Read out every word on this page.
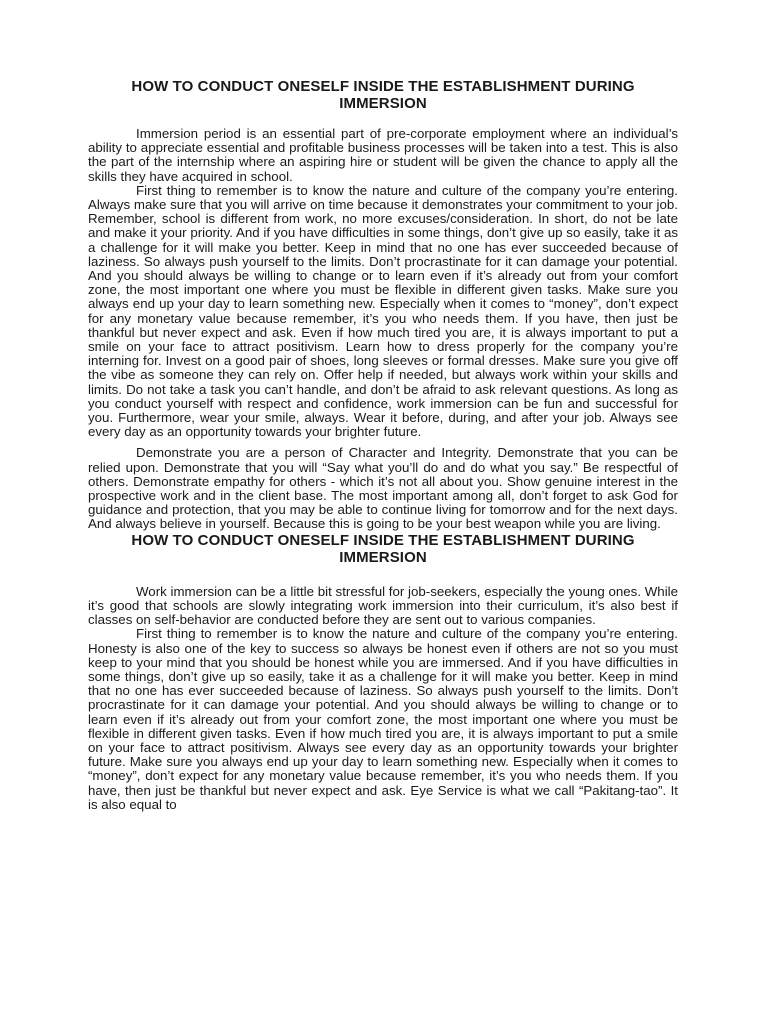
HOW TO CONDUCT ONESELF INSIDE THE ESTABLISHMENT DURING IMMERSION

Immersion period is an essential part of pre-corporate employment where an individual’s ability to appreciate essential and profitable business processes will be taken into a test. This is also the part of the internship where an aspiring hire or student will be given the chance to apply all the skills they have acquired in school.

First thing to remember is to know the nature and culture of the company you’re entering. Always make sure that you will arrive on time because it demonstrates your commitment to your job. Remember, school is different from work, no more excuses/consideration. In short, do not be late and make it your priority. And if you have difficulties in some things, don’t give up so easily, take it as a challenge for it will make you better. Keep in mind that no one has ever succeeded because of laziness. So always push yourself to the limits. Don’t procrastinate for it can damage your potential. And you should always be willing to change or to learn even if it’s already out from your comfort zone, the most important one where you must be flexible in different given tasks. Make sure you always end up your day to learn something new. Especially when it comes to “money”, don’t expect for any monetary value because remember, it’s you who needs them. If you have, then just be thankful but never expect and ask. Even if how much tired you are, it is always important to put a smile on your face to attract positivism. Learn how to dress properly for the company you’re interning for. Invest on a good pair of shoes, long sleeves or formal dresses. Make sure you give off the vibe as someone they can rely on. Offer help if needed, but always work within your skills and limits. Do not take a task you can’t handle, and don’t be afraid to ask relevant questions. As long as you conduct yourself with respect and confidence, work immersion can be fun and successful for you. Furthermore, wear your smile, always. Wear it before, during, and after your job. Always see every day as an opportunity towards your brighter future.

Demonstrate you are a person of Character and Integrity. Demonstrate that you can be relied upon. Demonstrate that you will “Say what you’ll do and do what you say.” Be respectful of others. Demonstrate empathy for others - which it’s not all about you. Show genuine interest in the prospective work and in the client base. The most important among all, don’t forget to ask God for guidance and protection, that you may be able to continue living for tomorrow and for the next days. And always believe in yourself. Because this is going to be your best weapon while you are living.

HOW TO CONDUCT ONESELF INSIDE THE ESTABLISHMENT DURING IMMERSION

Work immersion can be a little bit stressful for job-seekers, especially the young ones. While it’s good that schools are slowly integrating work immersion into their curriculum, it’s also best if classes on self-behavior are conducted before they are sent out to various companies.

First thing to remember is to know the nature and culture of the company you’re entering. Honesty is also one of the key to success so always be honest even if others are not so you must keep to your mind that you should be honest while you are immersed. And if you have difficulties in some things, don’t give up so easily, take it as a challenge for it will make you better. Keep in mind that no one has ever succeeded because of laziness. So always push yourself to the limits. Don’t procrastinate for it can damage your potential. And you should always be willing to change or to learn even if it’s already out from your comfort zone, the most important one where you must be flexible in different given tasks. Even if how much tired you are, it is always important to put a smile on your face to attract positivism. Always see every day as an opportunity towards your brighter future. Make sure you always end up your day to learn something new. Especially when it comes to “money”, don’t expect for any monetary value because remember, it’s you who needs them. If you have, then just be thankful but never expect and ask. Eye Service is what we call “Pakitang-tao”. It is also equal to
